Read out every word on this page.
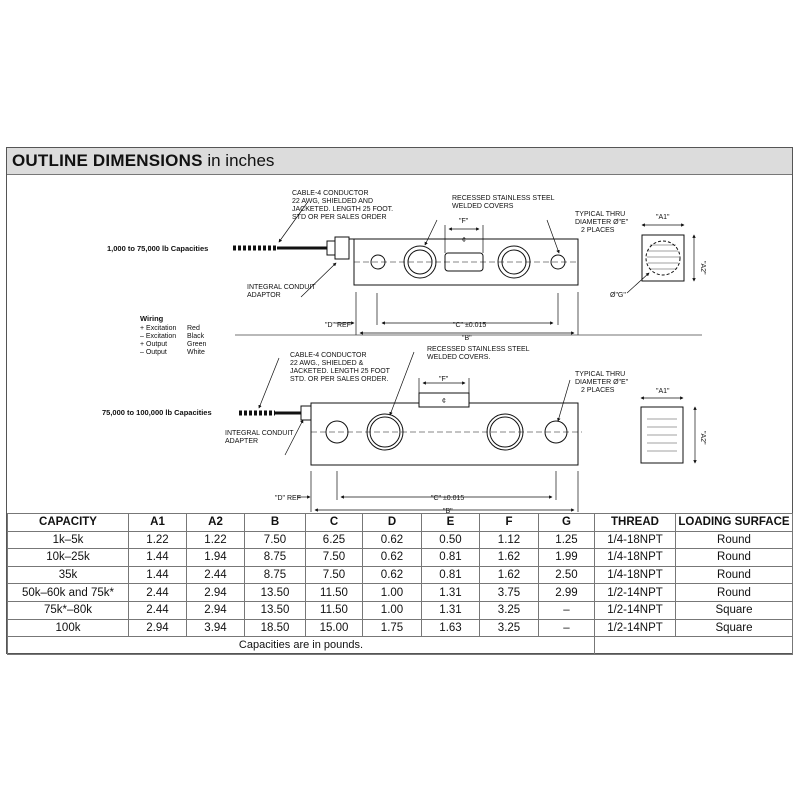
OUTLINE DIMENSIONS in inches
1,000 to 75,000 lb Capacities
¢
"F"
"D" REF	"C" ±0.015
"B"
CABLE-4 CONDUCTOR
22 AWG, SHIELDED AND
JACKETED. LENGTH 25 FOOT.
STD OR PER SALES ORDER
RECESSED STAINLESS STEEL
WELDED COVERS
TYPICAL THRU
DIAMETER Ø"E"
2 PLACES
INTEGRAL CONDUIT
ADAPTOR
"A1"
"A2"
Ø"G"
Wiring
+ Excitation Red
– Excitation Black
+ Output	Green
– Output	White
75,000 to 100,000 lb Capacities
¢
"F"
"D" REF	"C" ±0.015
"B"
CABLE-4 CONDUCTOR
22 AWG., SHIELDED &
JACKETED. LENGTH 25 FOOT
STD. OR PER SALES ORDER.
RECESSED STAINLESS STEEL
WELDED COVERS.
TYPICAL THRU
DIAMETER Ø"E"
2 PLACES
INTEGRAL CONDUIT
ADAPTER
"A1"
"A2"
CAPACITY	A1	A2	B	C	D	E	F	G	THREAD	LOADING SURFACE
1k–5k	1.22	1.22	7.50	6.25	0.62	0.50	1.12	1.25	1/4-18NPT	Round
10k–25k	1.44	1.94	8.75	7.50	0.62	0.81	1.62	1.99	1/4-18NPT	Round
35k	1.44	2.44	8.75	7.50	0.62	0.81	1.62	2.50	1/4-18NPT	Round
50k–60k and 75k*	2.44	2.94	13.50	11.50	1.00	1.31	3.75	2.99	1/2-14NPT	Round
75k*–80k	2.44	2.94	13.50	11.50	1.00	1.31	3.25	–	1/2-14NPT	Square
100k	2.94	3.94	18.50	15.00	1.75	1.63	3.25	–	1/2-14NPT	Square
Capacities are in pounds.										
